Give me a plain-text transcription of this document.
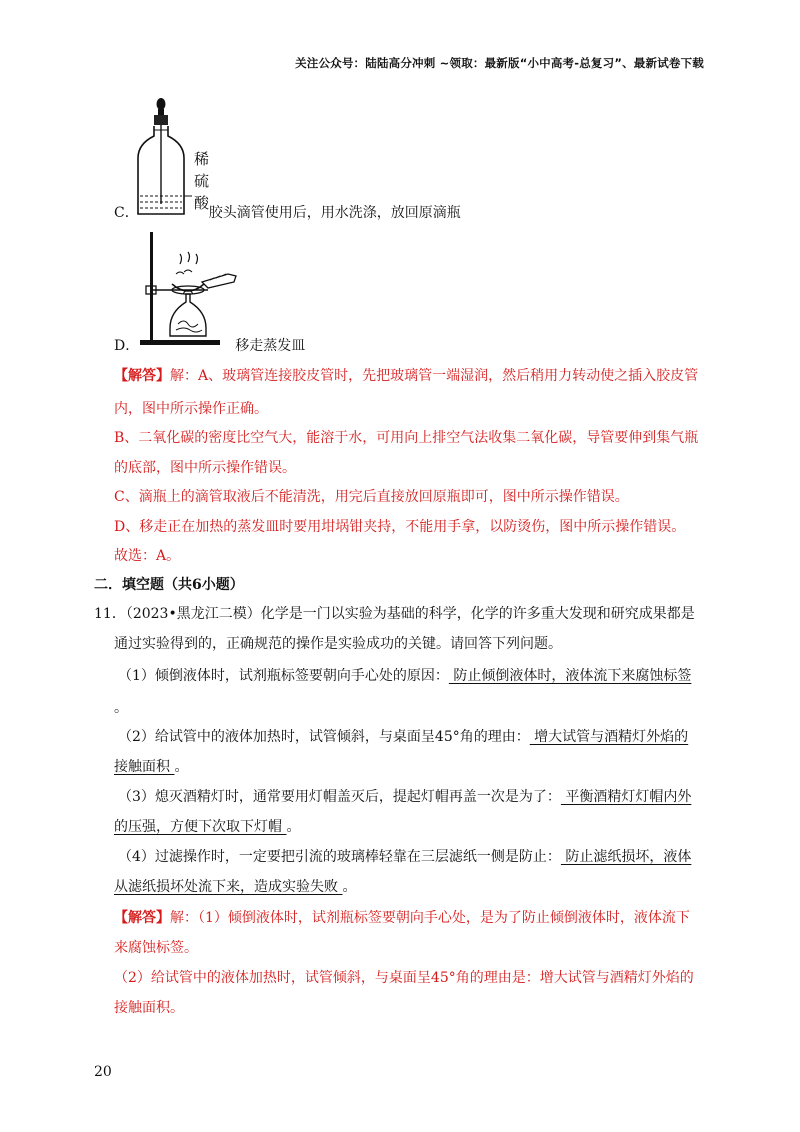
关注公众号：陆陆高分冲刺 ~领取：最新版“小中高考-总复习”、最新试卷下载
稀
硫
酸
C．	胶头滴管使用后，用水洗涤，放回原滴瓶
D．	移走蒸发皿
【解答】解：A、玻璃管连接胶皮管时，先把玻璃管一端湿润，然后稍用力转动使之插入胶皮管
内，图中所示操作正确。
B、二氧化碳的密度比空气大，能溶于水，可用向上排空气法收集二氧化碳，导管要伸到集气瓶
的底部，图中所示操作错误。
C、滴瓶上的滴管取液后不能清洗，用完后直接放回原瓶即可，图中所示操作错误。
D、移走正在加热的蒸发皿时要用坩埚钳夹持，不能用手拿，以防烫伤，图中所示操作错误。
故选：A。
二．填空题（共6小题）
11．（2023•黑龙江二模）化学是一门以实验为基础的科学，化学的许多重大发现和研究成果都是
通过实验得到的，正确规范的操作是实验成功的关键。请回答下列问题。
（1）倾倒液体时，试剂瓶标签要朝向手心处的原因： 防止倾倒液体时，液体流下来腐蚀标签
。
（2）给试管中的液体加热时，试管倾斜，与桌面呈45°角的理由： 增大试管与酒精灯外焰的
接触面积 。
（3）熄灭酒精灯时，通常要用灯帽盖灭后，提起灯帽再盖一次是为了： 平衡酒精灯灯帽内外
的压强，方便下次取下灯帽 。
（4）过滤操作时，一定要把引流的玻璃棒轻靠在三层滤纸一侧是防止： 防止滤纸损坏，液体
从滤纸损坏处流下来，造成实验失败 。
【解答】解：（1）倾倒液体时，试剂瓶标签要朝向手心处，是为了防止倾倒液体时，液体流下
来腐蚀标签。
（2）给试管中的液体加热时，试管倾斜，与桌面呈45°角的理由是：增大试管与酒精灯外焰的
接触面积。
20
